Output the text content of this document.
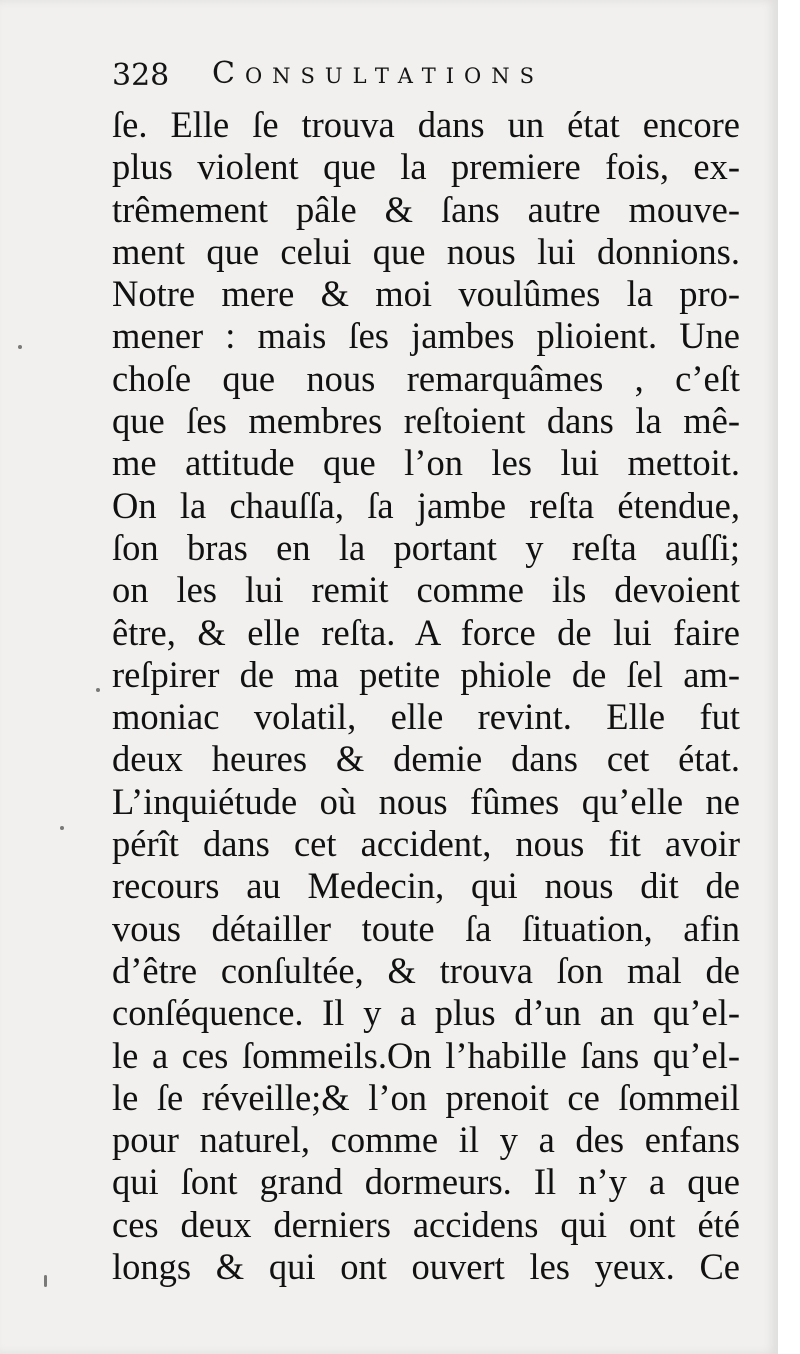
328 Consultations
ſe. Elle ſe trouva dans un état encore
plus violent que la premiere fois, ex-
trêmement pâle & ſans autre mouve-
ment que celui que nous lui donnions.
Notre mere & moi voulûmes la pro-
mener : mais ſes jambes plioient. Une
choſe que nous remarquâmes , c’eſt
que ſes membres reſtoient dans la mê-
me attitude que l’on les lui mettoit.
On la chauſſa, ſa jambe reſta étendue,
ſon bras en la portant y reſta auſſi;
on les lui remit comme ils devoient
être, & elle reſta. A force de lui faire
reſpirer de ma petite phiole de ſel am-
moniac volatil, elle revint. Elle fut
deux heures & demie dans cet état.
L’inquiétude où nous fûmes qu’elle ne
pérît dans cet accident, nous fit avoir
recours au Medecin, qui nous dit de
vous détailler toute ſa ſituation, afin
d’être conſultée, & trouva ſon mal de
conſéquence. Il y a plus d’un an qu’el-
le a ces ſommeils.On l’habille ſans qu’el-
le ſe réveille;& l’on prenoit ce ſommeil
pour naturel, comme il y a des enfans
qui ſont grand dormeurs. Il n’y a que
ces deux derniers accidens qui ont été
longs & qui ont ouvert les yeux. Ce
